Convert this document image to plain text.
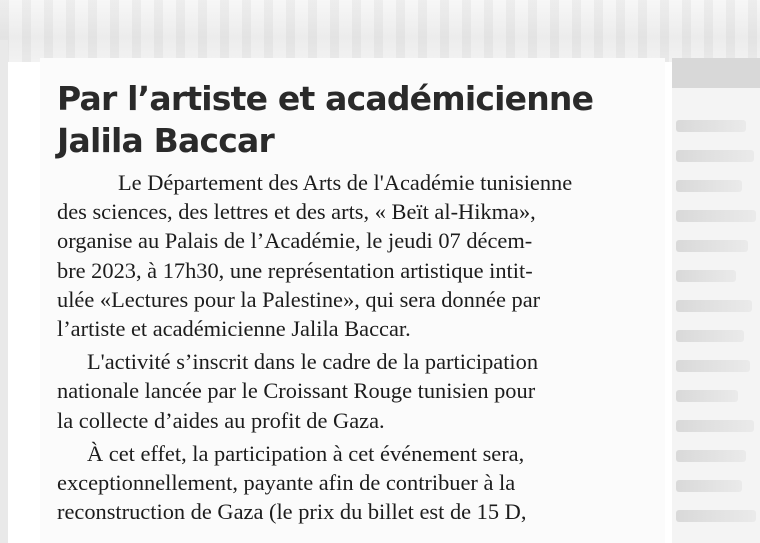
Par l’artiste et académicienne
Jalila Baccar
Le Département des Arts de l'Académie tunisienne
des sciences, des lettres et des arts, « Beït al-Hikma»,
organise au Palais de l’Académie, le jeudi 07 décem-
bre 2023, à 17h30, une représentation artistique intit-
ulée «Lectures pour la Palestine», qui sera donnée par
l’artiste et académicienne Jalila Baccar.
L'activité s’inscrit dans le cadre de la participation
nationale lancée par le Croissant Rouge tunisien pour
la collecte d’aides au profit de Gaza.
À cet effet, la participation à cet événement sera,
exceptionnellement, payante afin de contribuer à la
reconstruction de Gaza (le prix du billet est de 15 D,
